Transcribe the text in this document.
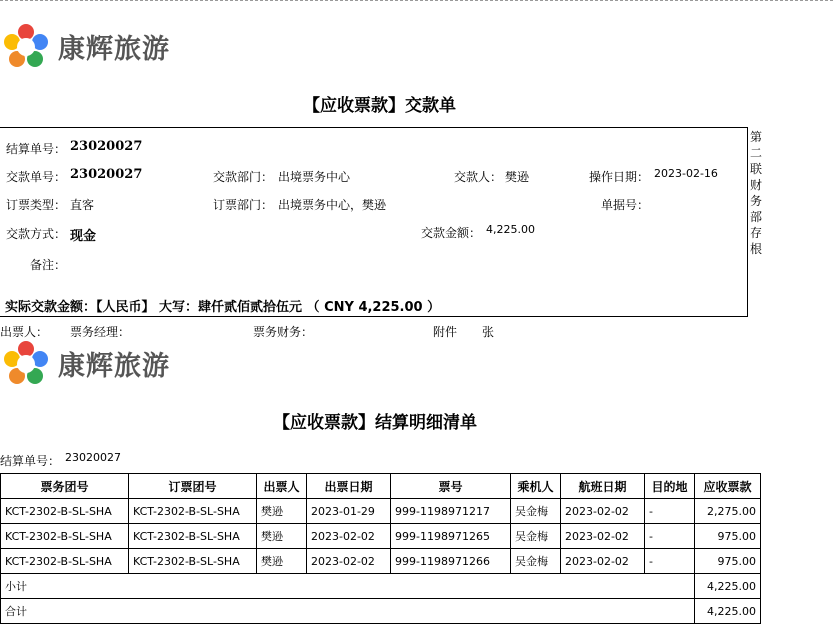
康辉旅游
【应收票款】交款单
第二联财务部存根
结算单号： 23020027
交款单号： 23020027	交款部门： 出境票务中心	交款人： 樊逊	操作日期： 2023-02-16
订票类型： 直客	订票部门： 出境票务中心，樊逊	单据号：
交款方式： 现金	交款金额： 4,225.00
备注：
实际交款金额：【人民币】 大写：肆仟贰佰贰拾伍元 （ CNY 4,225.00 ）
出票人： 票务经理：	票务财务：	附件 张
康辉旅游
【应收票款】结算明细清单
结算单号： 23020027
票务团号	订票团号	出票人	出票日期	票号	乘机人	航班日期	目的地	应收票款
KCT-2302-B-SL-SHA	KCT-2302-B-SL-SHA	樊逊	2023-01-29	999-1198971217	吴金梅	2023-02-02	-	2,275.00
KCT-2302-B-SL-SHA	KCT-2302-B-SL-SHA	樊逊	2023-02-02	999-1198971265	吴金梅	2023-02-02	-	975.00
KCT-2302-B-SL-SHA	KCT-2302-B-SL-SHA	樊逊	2023-02-02	999-1198971266	吴金梅	2023-02-02	-	975.00
小计								4,225.00
合计								4,225.00
